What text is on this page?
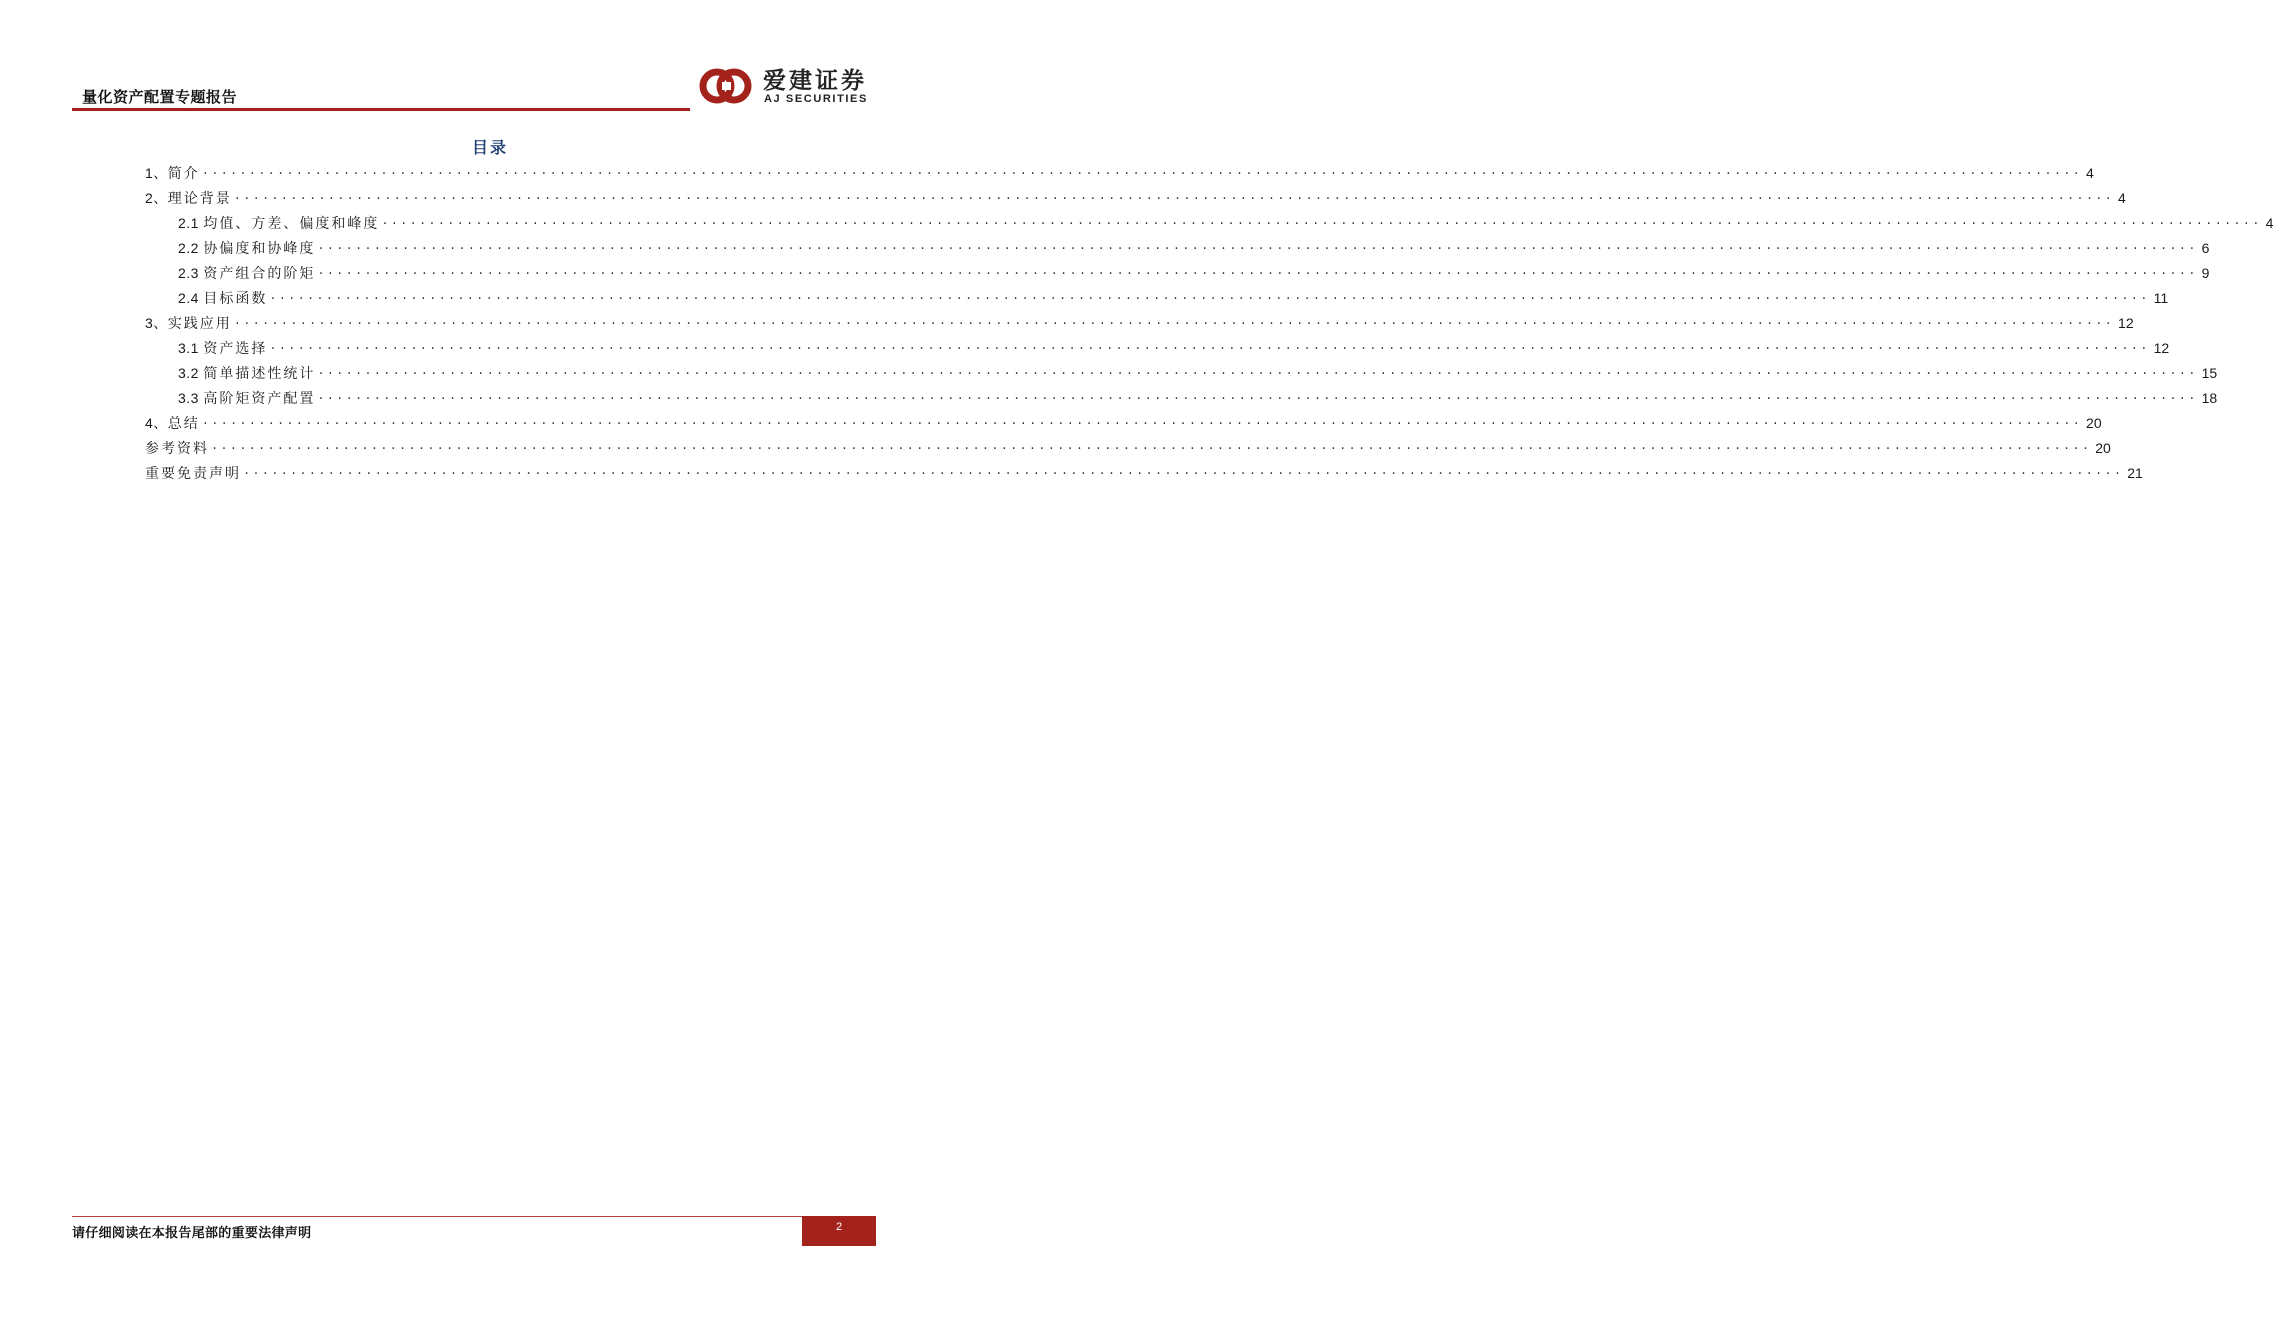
量化资产配置专题报告
爱建证券
AJ SECURITIES
目录
1、简介 ........................................................................................................................................................................................................ 4
2、理论背景 ........................................................................................................................................................................................................ 4
2.1 均值、方差、偏度和峰度 ........................................................................................................................................................................................................ 4
2.2 协偏度和协峰度 ........................................................................................................................................................................................................ 6
2.3 资产组合的阶矩 ........................................................................................................................................................................................................ 9
2.4 目标函数 ........................................................................................................................................................................................................ 11
3、实践应用 ........................................................................................................................................................................................................ 12
3.1 资产选择 ........................................................................................................................................................................................................ 12
3.2 简单描述性统计 ........................................................................................................................................................................................................ 15
3.3 高阶矩资产配置 ........................................................................................................................................................................................................ 18
4、总结 ........................................................................................................................................................................................................ 20
参考资料 ........................................................................................................................................................................................................ 20
重要免责声明 ........................................................................................................................................................................................................ 21
请仔细阅读在本报告尾部的重要法律声明	2
